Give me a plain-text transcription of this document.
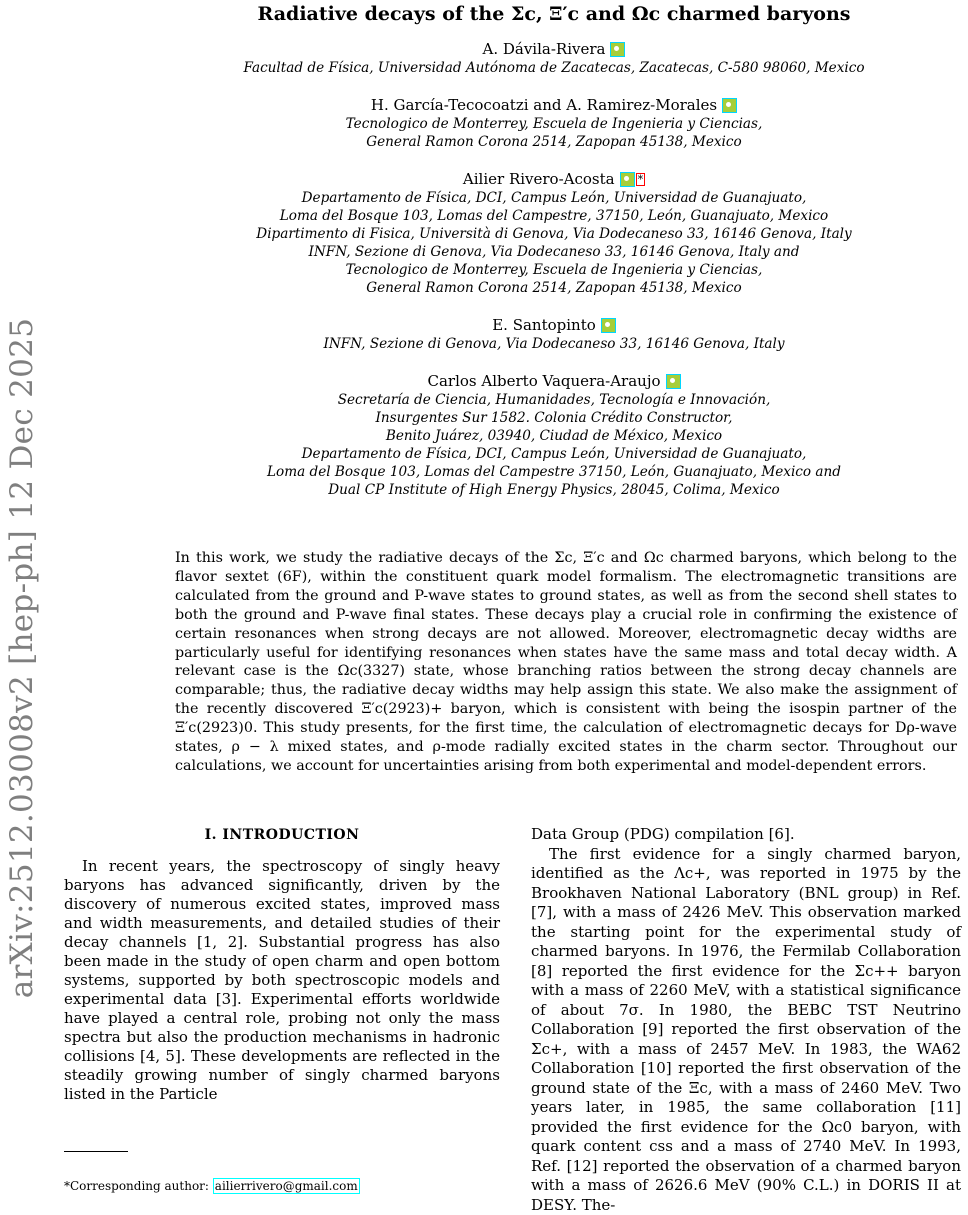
arXiv:2512.03008v2 [hep-ph] 12 Dec 2025
Radiative decays of the Σc, Ξ′c and Ωc charmed baryons
A. Dávila-Rivera
Facultad de Física, Universidad Autónoma de Zacatecas, Zacatecas, C-580 98060, Mexico
H. García-Tecocoatzi and A. Ramirez-Morales
Tecnologico de Monterrey, Escuela de Ingenieria y Ciencias,
General Ramon Corona 2514, Zapopan 45138, Mexico
Ailier Rivero-Acosta *
Departamento de Física, DCI, Campus León, Universidad de Guanajuato,
Loma del Bosque 103, Lomas del Campestre, 37150, León, Guanajuato, Mexico
Dipartimento di Fisica, Università di Genova, Via Dodecaneso 33, 16146 Genova, Italy
INFN, Sezione di Genova, Via Dodecaneso 33, 16146 Genova, Italy and
Tecnologico de Monterrey, Escuela de Ingenieria y Ciencias,
General Ramon Corona 2514, Zapopan 45138, Mexico
E. Santopinto
INFN, Sezione di Genova, Via Dodecaneso 33, 16146 Genova, Italy
Carlos Alberto Vaquera-Araujo
Secretaría de Ciencia, Humanidades, Tecnología e Innovación,
Insurgentes Sur 1582. Colonia Crédito Constructor,
Benito Juárez, 03940, Ciudad de México, Mexico
Departamento de Física, DCI, Campus León, Universidad de Guanajuato,
Loma del Bosque 103, Lomas del Campestre 37150, León, Guanajuato, Mexico and
Dual CP Institute of High Energy Physics, 28045, Colima, Mexico
In this work, we study the radiative decays of the Σc, Ξ′c and Ωc charmed baryons, which belong to the flavor sextet (6F), within the constituent quark model formalism. The electromagnetic transitions are calculated from the ground and P-wave states to ground states, as well as from the second shell states to both the ground and P-wave final states. These decays play a crucial role in confirming the existence of certain resonances when strong decays are not allowed. Moreover, electromagnetic decay widths are particularly useful for identifying resonances when states have the same mass and total decay width. A relevant case is the Ωc(3327) state, whose branching ratios between the strong decay channels are comparable; thus, the radiative decay widths may help assign this state. We also make the assignment of the recently discovered Ξ′c(2923)+ baryon, which is consistent with being the isospin partner of the Ξ′c(2923)0. This study presents, for the first time, the calculation of electromagnetic decays for Dρ-wave states, ρ − λ mixed states, and ρ-mode radially excited states in the charm sector. Throughout our calculations, we account for uncertainties arising from both experimental and model-dependent errors.
I. INTRODUCTION

In recent years, the spectroscopy of singly heavy baryons has advanced significantly, driven by the discovery of numerous excited states, improved mass and width measurements, and detailed studies of their decay channels [1, 2]. Substantial progress has also been made in the study of open charm and open bottom systems, supported by both spectroscopic models and experimental data [3]. Experimental efforts worldwide have played a central role, probing not only the mass spectra but also the production mechanisms in hadronic collisions [4, 5]. These developments are reflected in the steadily growing number of singly charmed baryons listed in the Particle

Data Group (PDG) compilation [6].

The first evidence for a singly charmed baryon, identified as the Λc+, was reported in 1975 by the Brookhaven National Laboratory (BNL group) in Ref. [7], with a mass of 2426 MeV. This observation marked the starting point for the experimental study of charmed baryons. In 1976, the Fermilab Collaboration [8] reported the first evidence for the Σc++ baryon with a mass of 2260 MeV, with a statistical significance of about 7σ. In 1980, the BEBC TST Neutrino Collaboration [9] reported the first observation of the Σc+, with a mass of 2457 MeV. In 1983, the WA62 Collaboration [10] reported the first observation of the ground state of the Ξc, with a mass of 2460 MeV. Two years later, in 1985, the same collaboration [11] provided the first evidence for the Ωc0 baryon, with quark content css and a mass of 2740 MeV. In 1993, Ref. [12] reported the observation of a charmed baryon with a mass of 2626.6 MeV (90% C.L.) in DORIS II at DESY. The-

*Corresponding author: ailierrivero@gmail.com
